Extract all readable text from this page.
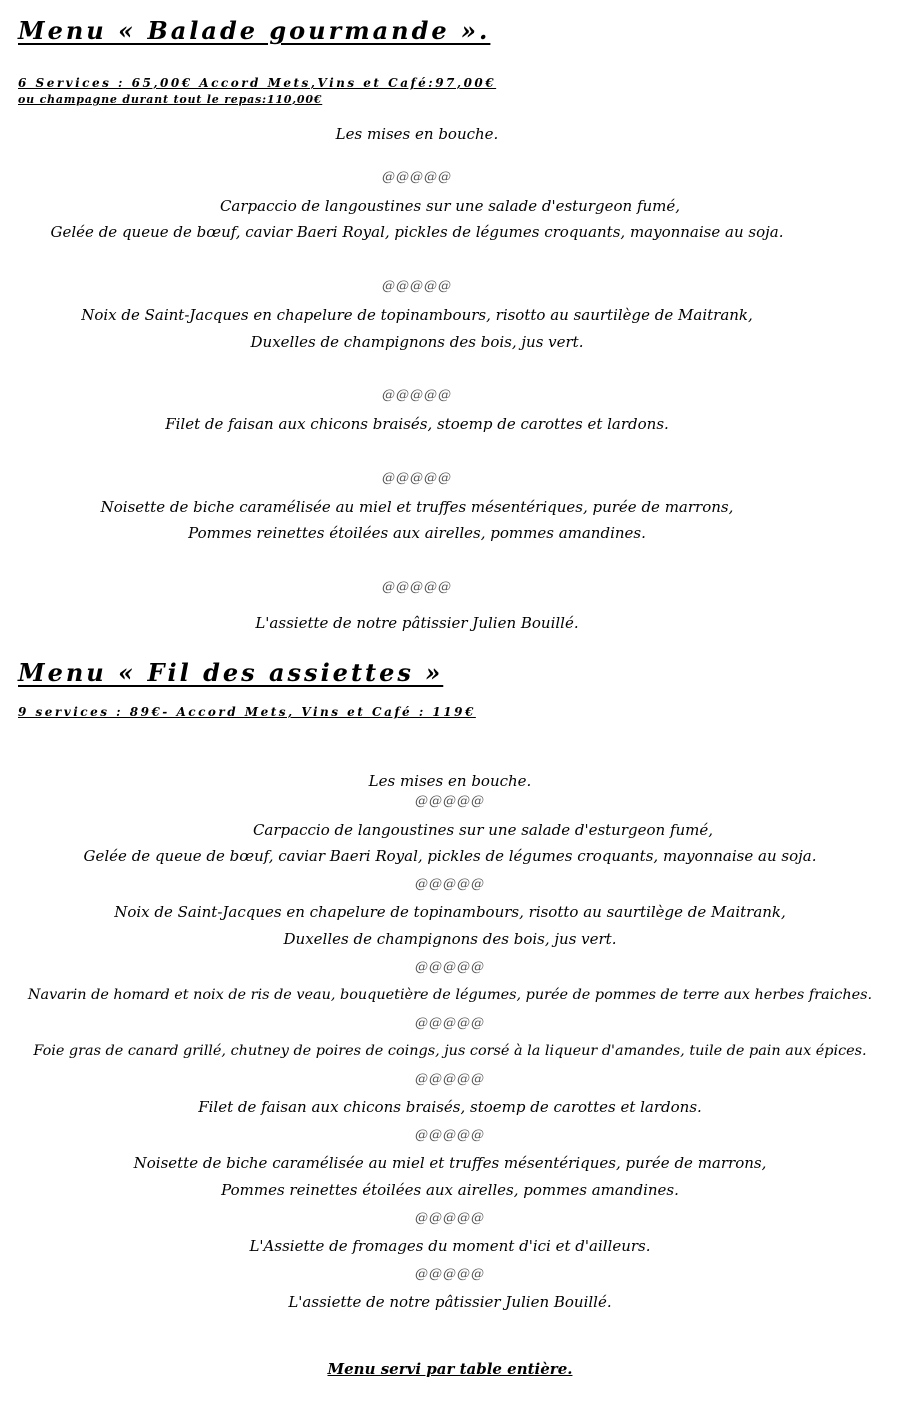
Menu « Balade gourmande ».
6 Services : 65,00€ Accord Mets,Vins et Café:97,00€
ou champagne durant tout le repas:110,00€
Les mises en bouche.
@@@@@
Carpaccio de langoustines sur une salade d'esturgeon fumé,
Gelée de queue de bœuf, caviar Baeri Royal, pickles de légumes croquants, mayonnaise au soja.
@@@@@
Noix de Saint-Jacques en chapelure de topinambours, risotto au saurtilège de Maitrank,
Duxelles de champignons des bois, jus vert.
@@@@@
Filet de faisan aux chicons braisés, stoemp de carottes et lardons.
@@@@@
Noisette de biche caramélisée au miel et truffes mésentériques, purée de marrons,
Pommes reinettes étoilées aux airelles, pommes amandines.
@@@@@
L'assiette de notre pâtissier Julien Bouillé.
Menu « Fil des assiettes »
9 services : 89€- Accord Mets, Vins et Café : 119€
Les mises en bouche.
@@@@@
Carpaccio de langoustines sur une salade d'esturgeon fumé,
Gelée de queue de bœuf, caviar Baeri Royal, pickles de légumes croquants, mayonnaise au soja.
@@@@@
Noix de Saint-Jacques en chapelure de topinambours, risotto au saurtilège de Maitrank,
Duxelles de champignons des bois, jus vert.
@@@@@
Navarin de homard et noix de ris de veau, bouquetière de légumes, purée de pommes de terre aux herbes fraiches.
@@@@@
Foie gras de canard grillé, chutney de poires de coings, jus corsé à la liqueur d'amandes, tuile de pain aux épices.
@@@@@
Filet de faisan aux chicons braisés, stoemp de carottes et lardons.
@@@@@
Noisette de biche caramélisée au miel et truffes mésentériques, purée de marrons,
Pommes reinettes étoilées aux airelles, pommes amandines.
@@@@@
L'Assiette de fromages du moment d'ici et d'ailleurs.
@@@@@
L'assiette de notre pâtissier Julien Bouillé.
Menu servi par table entière.
